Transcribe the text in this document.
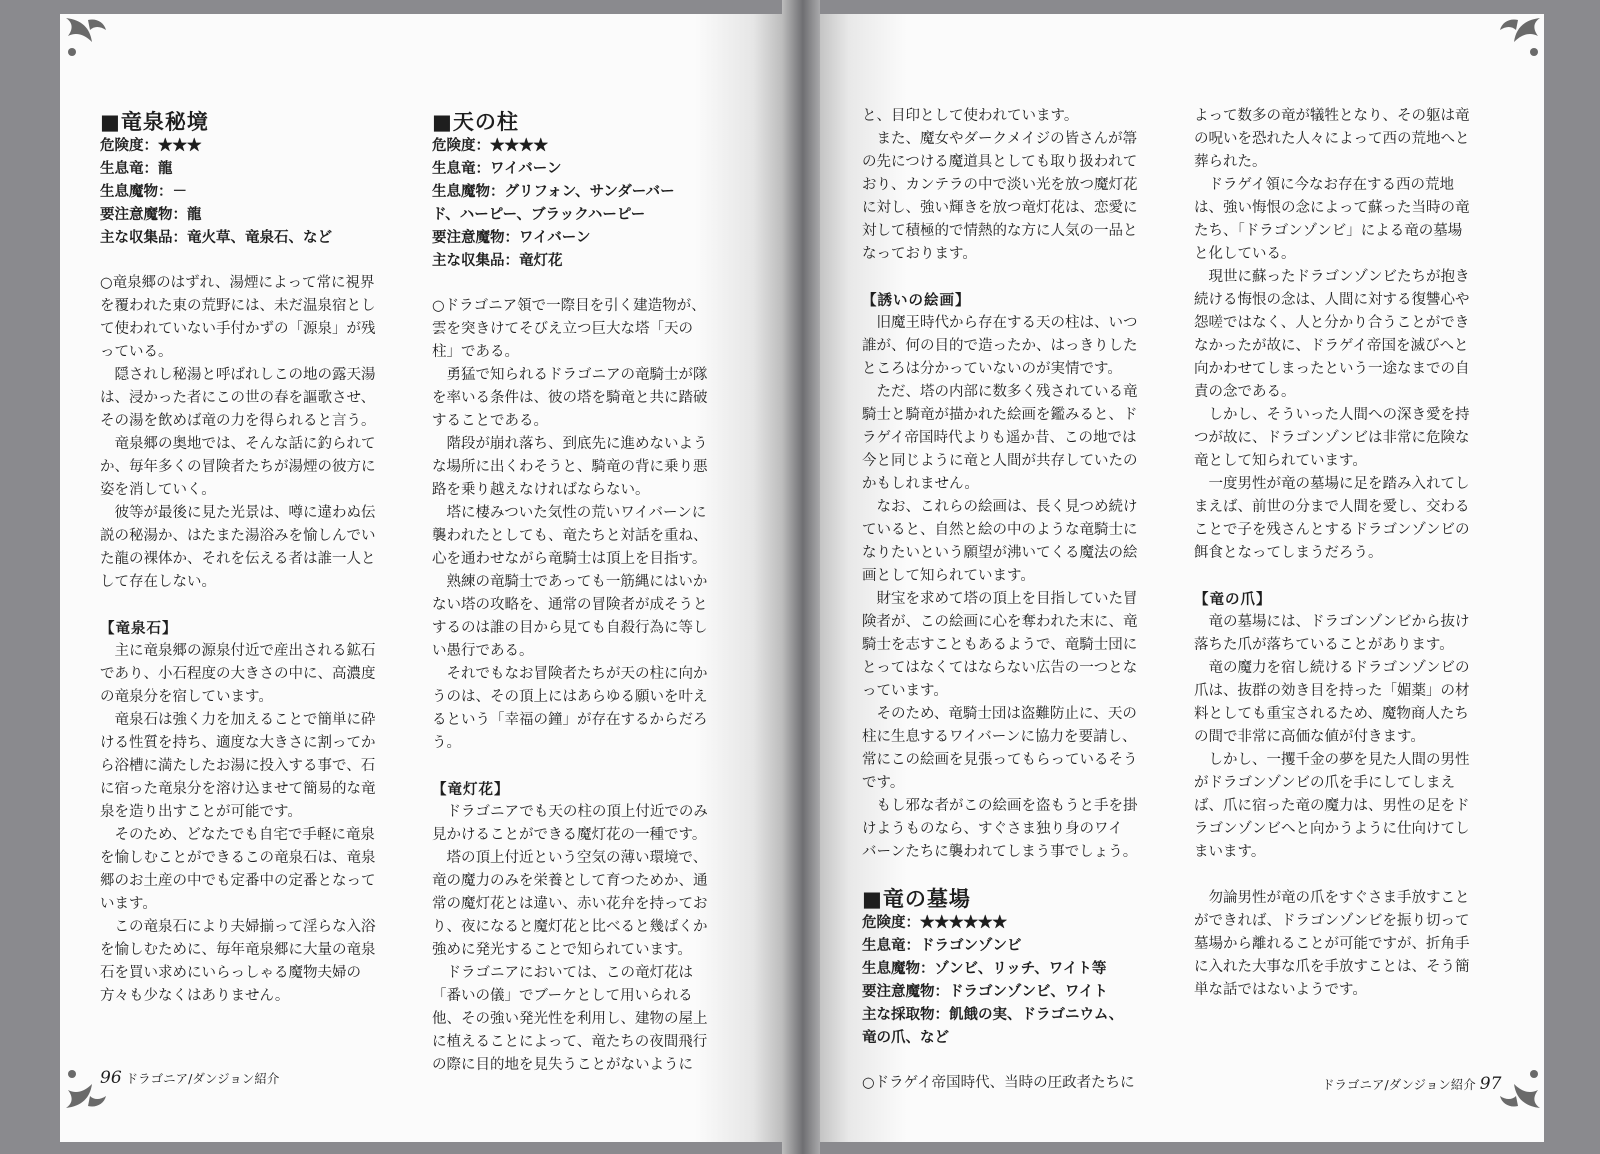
■竜泉秘境

危険度：★★★

生息竜：龍

生息魔物：－

要注意魔物：龍

主な収集品：竜火草、竜泉石、など

○竜泉郷のはずれ、湯煙によって常に視界

を覆われた東の荒野には、未だ温泉宿とし

て使われていない手付かずの「源泉」が残

っている。

　隠されし秘湯と呼ばれしこの地の露天湯

は、浸かった者にこの世の春を謳歌させ、

その湯を飲めば竜の力を得られると言う。

　竜泉郷の奥地では、そんな話に釣られて

か、毎年多くの冒険者たちが湯煙の彼方に

姿を消していく。

　彼等が最後に見た光景は、噂に違わぬ伝

説の秘湯か、はたまた湯浴みを愉しんでい

た龍の裸体か、それを伝える者は誰一人と

して存在しない。

【竜泉石】

　主に竜泉郷の源泉付近で産出される鉱石

であり、小石程度の大きさの中に、高濃度

の竜泉分を宿しています。

　竜泉石は強く力を加えることで簡単に砕

ける性質を持ち、適度な大きさに割ってか

ら浴槽に満たしたお湯に投入する事で、石

に宿った竜泉分を溶け込ませて簡易的な竜

泉を造り出すことが可能です。

　そのため、どなたでも自宅で手軽に竜泉

を愉しむことができるこの竜泉石は、竜泉

郷のお土産の中でも定番中の定番となって

います。

　この竜泉石により夫婦揃って淫らな入浴

を愉しむために、毎年竜泉郷に大量の竜泉

石を買い求めにいらっしゃる魔物夫婦の

方々も少なくはありません。

■天の柱

危険度：★★★★

生息竜：ワイバーン

生息魔物：グリフォン、サンダーバー

ド、ハーピー、ブラックハーピー

要注意魔物：ワイバーン

主な収集品：竜灯花

○ドラゴニア領で一際目を引く建造物が、

雲を突きけてそびえ立つ巨大な塔「天の

柱」である。

　勇猛で知られるドラゴニアの竜騎士が隊

を率いる条件は、彼の塔を騎竜と共に踏破

することである。

　階段が崩れ落ち、到底先に進めないよう

な場所に出くわそうと、騎竜の背に乗り悪

路を乗り越えなければならない。

　塔に棲みついた気性の荒いワイバーンに

襲われたとしても、竜たちと対話を重ね、

心を通わせながら竜騎士は頂上を目指す。

　熟練の竜騎士であっても一筋縄にはいか

ない塔の攻略を、通常の冒険者が成そうと

するのは誰の目から見ても自殺行為に等し

い愚行である。

　それでもなお冒険者たちが天の柱に向か

うのは、その頂上にはあらゆる願いを叶え

るという「幸福の鐘」が存在するからだろ

う。

【竜灯花】

　ドラゴニアでも天の柱の頂上付近でのみ

見かけることができる魔灯花の一種です。

　塔の頂上付近という空気の薄い環境で、

竜の魔力のみを栄養として育つためか、通

常の魔灯花とは違い、赤い花弁を持ってお

り、夜になると魔灯花と比べると幾ばくか

強めに発光することで知られています。

　ドラゴニアにおいては、この竜灯花は

「番いの儀」でブーケとして用いられる

他、その強い発光性を利用し、建物の屋上

に植えることによって、竜たちの夜間飛行

の際に目的地を見失うことがないように

と、目印として使われています。

　また、魔女やダークメイジの皆さんが箒

の先につける魔道具としても取り扱われて

おり、カンテラの中で淡い光を放つ魔灯花

に対し、強い輝きを放つ竜灯花は、恋愛に

対して積極的で情熱的な方に人気の一品と

なっております。

【誘いの絵画】

　旧魔王時代から存在する天の柱は、いつ

誰が、何の目的で造ったか、はっきりした

ところは分かっていないのが実情です。

　ただ、塔の内部に数多く残されている竜

騎士と騎竜が描かれた絵画を鑑みると、ド

ラゲイ帝国時代よりも遥か昔、この地では

今と同じように竜と人間が共存していたの

かもしれません。

　なお、これらの絵画は、長く見つめ続け

ていると、自然と絵の中のような竜騎士に

なりたいという願望が沸いてくる魔法の絵

画として知られています。

　財宝を求めて塔の頂上を目指していた冒

険者が、この絵画に心を奪われた末に、竜

騎士を志すこともあるようで、竜騎士団に

とってはなくてはならない広告の一つとな

っています。

　そのため、竜騎士団は盗難防止に、天の

柱に生息するワイバーンに協力を要請し、

常にこの絵画を見張ってもらっているそう

です。

　もし邪な者がこの絵画を盗もうと手を掛

けようものなら、すぐさま独り身のワイ

バーンたちに襲われてしまう事でしょう。

■竜の墓場

危険度：★★★★★★

生息竜：ドラゴンゾンビ

生息魔物：ゾンビ、リッチ、ワイト等

要注意魔物：ドラゴンゾンビ、ワイト

主な採取物：飢餓の実、ドラゴニウム、

竜の爪、など

○ドラゲイ帝国時代、当時の圧政者たちに

よって数多の竜が犠牲となり、その躯は竜

の呪いを恐れた人々によって西の荒地へと

葬られた。

　ドラゲイ領に今なお存在する西の荒地

は、強い悔恨の念によって蘇った当時の竜

たち、「ドラゴンゾンビ」による竜の墓場

と化している。

　現世に蘇ったドラゴンゾンビたちが抱き

続ける悔恨の念は、人間に対する復讐心や

怨嗟ではなく、人と分かり合うことができ

なかったが故に、ドラゲイ帝国を滅びへと

向かわせてしまったという一途なまでの自

責の念である。

　しかし、そういった人間への深き愛を持

つが故に、ドラゴンゾンビは非常に危険な

竜として知られています。

　一度男性が竜の墓場に足を踏み入れてし

まえば、前世の分まで人間を愛し、交わる

ことで子を残さんとするドラゴンゾンビの

餌食となってしまうだろう。

【竜の爪】

　竜の墓場には、ドラゴンゾンビから抜け

落ちた爪が落ちていることがあります。

　竜の魔力を宿し続けるドラゴンゾンビの

爪は、抜群の効き目を持った「媚薬」の材

料としても重宝されるため、魔物商人たち

の間で非常に高価な値が付きます。

　しかし、一攫千金の夢を見た人間の男性

がドラゴンゾンビの爪を手にしてしまえ

ば、爪に宿った竜の魔力は、男性の足をド

ラゴンゾンビへと向かうように仕向けてし

まいます。

　勿論男性が竜の爪をすぐさま手放すこと

ができれば、ドラゴンゾンビを振り切って

墓場から離れることが可能ですが、折角手

に入れた大事な爪を手放すことは、そう簡

単な話ではないようです。

96 ドラゴニア/ダンジョン紹介	ドラゴニア/ダンジョン紹介 97
